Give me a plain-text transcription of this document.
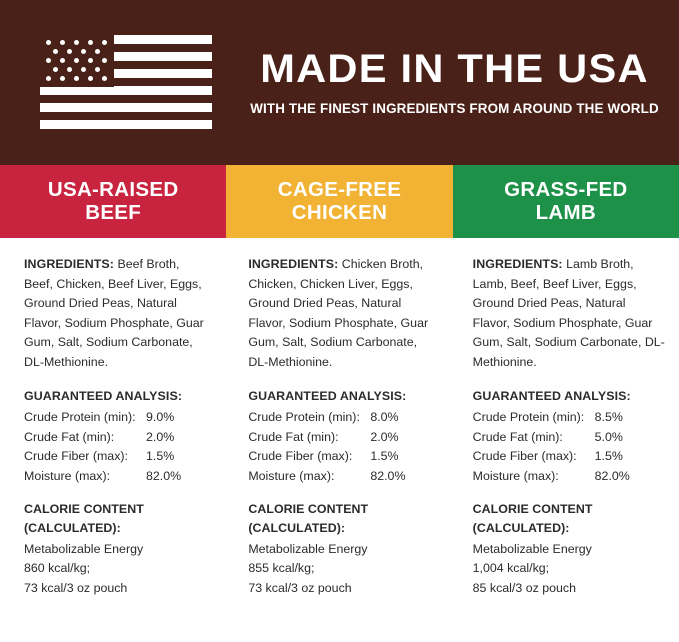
MADE IN THE USA
WITH THE FINEST INGREDIENTS FROM AROUND THE WORLD
USA-RAISED
BEEF
CAGE-FREE
CHICKEN
GRASS-FED
LAMB

INGREDIENTS: Beef Broth, Beef, Chicken, Beef Liver, Eggs, Ground Dried Peas, Natural Flavor, Sodium Phosphate, Guar Gum, Salt, Sodium Carbonate, DL-Methionine.

GUARANTEED ANALYSIS:
Crude Protein (min): 9.0%
Crude Fat (min):	2.0%
Crude Fiber (max):	1.5%
Moisture (max):	82.0%
CALORIE CONTENT (CALCULATED):
Metabolizable Energy
860 kcal/kg;
73 kcal/3 oz pouch

INGREDIENTS: Chicken Broth, Chicken, Chicken Liver, Eggs, Ground Dried Peas, Natural Flavor, Sodium Phosphate, Guar Gum, Salt, Sodium Carbonate, DL-Methionine.

GUARANTEED ANALYSIS:
Crude Protein (min): 8.0%
Crude Fat (min):	2.0%
Crude Fiber (max):	1.5%
Moisture (max):	82.0%
CALORIE CONTENT (CALCULATED):
Metabolizable Energy
855 kcal/kg;
73 kcal/3 oz pouch

INGREDIENTS: Lamb Broth, Lamb, Beef, Beef Liver, Eggs, Ground Dried Peas, Natural Flavor, Sodium Phosphate, Guar Gum, Salt, Sodium Carbonate, DL-Methionine.

GUARANTEED ANALYSIS:
Crude Protein (min): 8.5%
Crude Fat (min):	5.0%
Crude Fiber (max):	1.5%
Moisture (max):	82.0%
CALORIE CONTENT (CALCULATED):
Metabolizable Energy
1,004 kcal/kg;
85 kcal/3 oz pouch
